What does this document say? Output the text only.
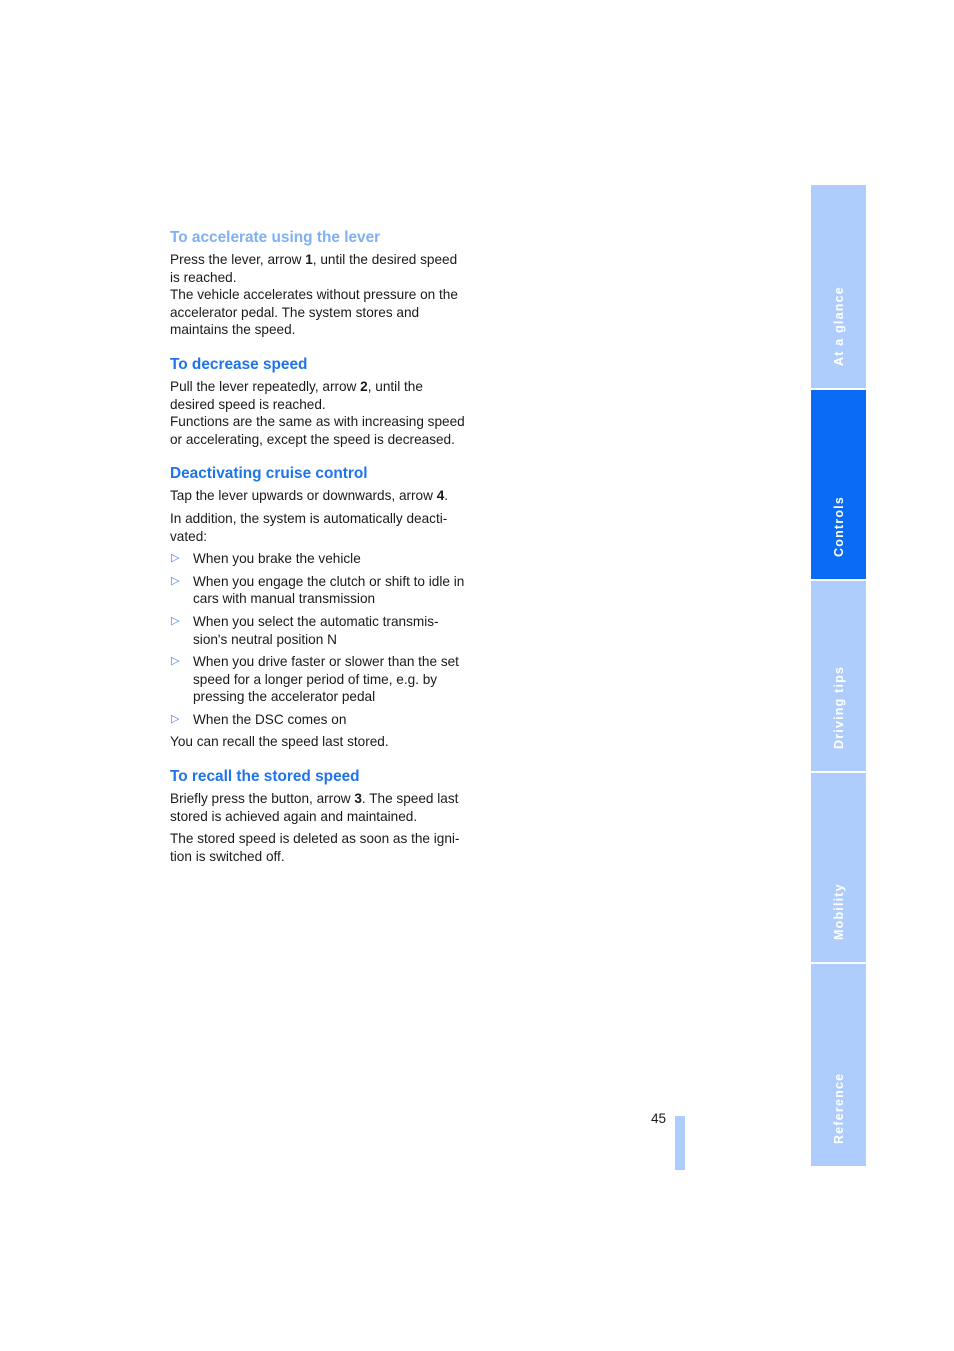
To accelerate using the lever

Press the lever, arrow 1, until the desired speed is reached.

The vehicle accelerates without pressure on the accelerator pedal. The system stores and maintains the speed.

To decrease speed

Pull the lever repeatedly, arrow 2, until the desired speed is reached.

Functions are the same as with increasing speed or accelerating, except the speed is decreased.

Deactivating cruise control

Tap the lever upwards or downwards, arrow 4.

In addition, the system is automatically deacti-vated:

▷ When you brake the vehicle
▷ When you engage the clutch or shift to idle in cars with manual transmission
▷ When you select the automatic transmis-sion's neutral position N
▷ When you drive faster or slower than the set speed for a longer period of time, e.g. by pressing the accelerator pedal
▷ When the DSC comes on

You can recall the speed last stored.

To recall the stored speed

Briefly press the button, arrow 3. The speed last stored is achieved again and maintained.

The stored speed is deleted as soon as the igni-tion is switched off.

At a glance
Controls
Driving tips
Mobility
Reference
45
